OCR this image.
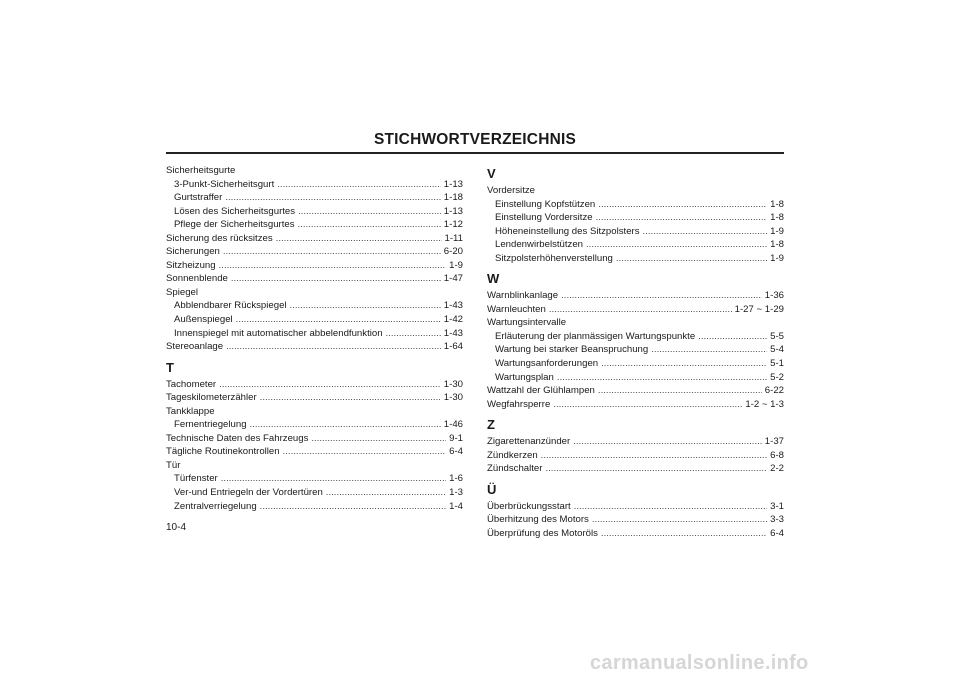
STICHWORTVERZEICHNIS
Sicherheitsgurte
3-Punkt-Sicherheitsgurt .....	1-13
Gurtstraffer .....	1-18
Lösen des Sicherheitsgurtes .....	1-13
Pflege der Sicherheitsgurtes .....	1-12
Sicherung des rücksitzes .....	1-11
Sicherungen .....	6-20
Sitzheizung .....	1-9
Sonnenblende .....	1-47
Spiegel
Abblendbarer Rückspiegel .....	1-43
Außenspiegel .....	1-42
Innenspiegel mit automatischer abbelendfunktion .....	1-43
Stereoanlage .....	1-64
T
Tachometer .....	1-30
Tageskilometerzähler .....	1-30
Tankklappe
Fernentriegelung .....	1-46
Technische Daten des Fahrzeugs .....	9-1
Tägliche Routinekontrollen .....	6-4
Tür
Türfenster .....	1-6
Ver-und Entriegeln der Vordertüren .....	1-3
Zentralverriegelung .....	1-4
V
Vordersitze
Einstellung Kopfstützen .....	1-8
Einstellung Vordersitze .....	1-8
Höheneinstellung des Sitzpolsters .....	1-9
Lendenwirbelstützen .....	1-8
Sitzpolsterhöhenverstellung .....	1-9
W
Warnblinkanlage .....	1-36
Warnleuchten .....	1-27 ~ 1-29
Wartungsintervalle
Erläuterung der planmässigen Wartungspunkte .....	5-5
Wartung bei starker Beanspruchung .....	5-4
Wartungsanforderungen .....	5-1
Wartungsplan .....	5-2
Wattzahl der Glühlampen .....	6-22
Wegfahrsperre .....	1-2 ~ 1-3
Z
Zigarettenanzünder .....	1-37
Zündkerzen .....	6-8
Zündschalter .....	2-2
Ü
Überbrückungsstart .....	3-1
Überhitzung des Motors .....	3-3
Überprüfung des Motoröls .....	6-4
10-4
carmanualsonline.info
